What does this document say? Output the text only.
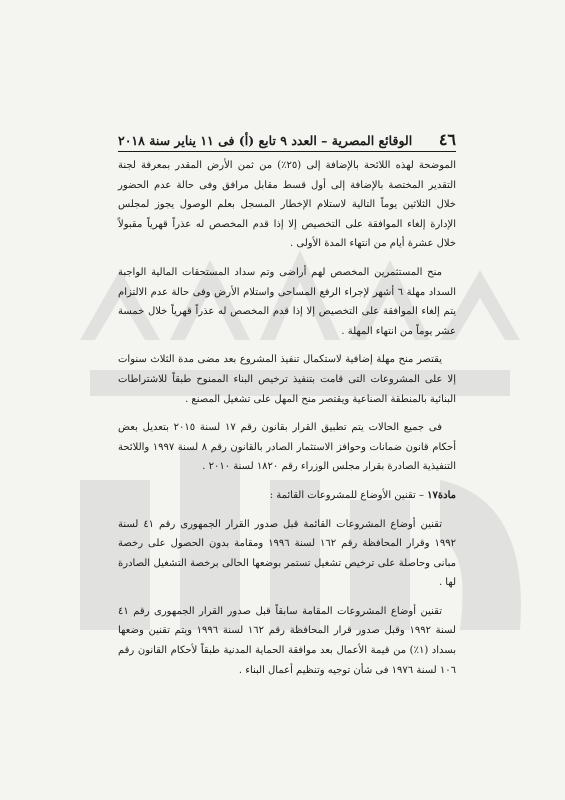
٤٦
الوقائع المصرية – العدد ٩ تابع (أ) فى ١١ يناير سنة ٢٠١٨

الموضحة لهذه اللائحة بالإضافة إلى (٢٥٪) من ثمن الأرض المقدر بمعرفة لجنة التقدير المختصة بالإضافة إلى أول قسط مقابل مرافق وفى حالة عدم الحضور خلال الثلاثين يوماً التالية لاستلام الإخطار المسجل بعلم الوصول يجوز لمجلس الإدارة إلغاء الموافقة على التخصيص إلا إذا قدم المخصص له عذراً قهرياً مقبولاً خلال عشرة أيام من انتهاء المدة الأولى .

منح المستثمرين المخصص لهم أراضى وتم سداد المستحقات المالية الواجبة السداد مهلة ٦ أشهر لإجراء الرفع المساحى واستلام الأرض وفى حالة عدم الالتزام يتم إلغاء الموافقة على التخصيص إلا إذا قدم المخصص له عذراً قهرياً خلال خمسة عشر يوماً من انتهاء المهلة .

يقتصر منح مهلة إضافية لاستكمال تنفيذ المشروع بعد مضى مدة الثلاث سنوات إلا على المشروعات التى قامت بتنفيذ ترخيص البناء الممنوح طبقاً للاشتراطات البنائية بالمنطقة الصناعية ويقتصر منح المهل على تشغيل المصنع .

فى جميع الحالات يتم تطبيق القرار بقانون رقم ١٧ لسنة ٢٠١٥ بتعديل بعض أحكام قانون ضمانات وحوافز الاستثمار الصادر بالقانون رقم ٨ لسنة ١٩٩٧ واللائحة التنفيذية الصادرة بقرار مجلس الوزراء رقم ١٨٢٠ لسنة ٢٠١٠ .

مادة١٧ – تقنين الأوضاع للمشروعات القائمة :

تقنين أوضاع المشروعات القائمة قبل صدور القرار الجمهورى رقم ٤١ لسنة ١٩٩٢ وقرار المحافظة رقم ١٦٢ لسنة ١٩٩٦ ومقامة بدون الحصول على رخصة مبانى وحاصلة على ترخيص تشغيل تستمر بوضعها الحالى برخصة التشغيل الصادرة لها .

تقنين أوضاع المشروعات المقامة سابقاً قبل صدور القرار الجمهورى رقم ٤١ لسنة ١٩٩٢ وقبل صدور قرار المحافظة رقم ١٦٢ لسنة ١٩٩٦ ويتم تقنين وضعها بسداد (١٪) من قيمة الأعمال بعد موافقة الحماية المدنية طبقاً لأحكام القانون رقم ١٠٦ لسنة ١٩٧٦ فى شأن توجيه وتنظيم أعمال البناء .
